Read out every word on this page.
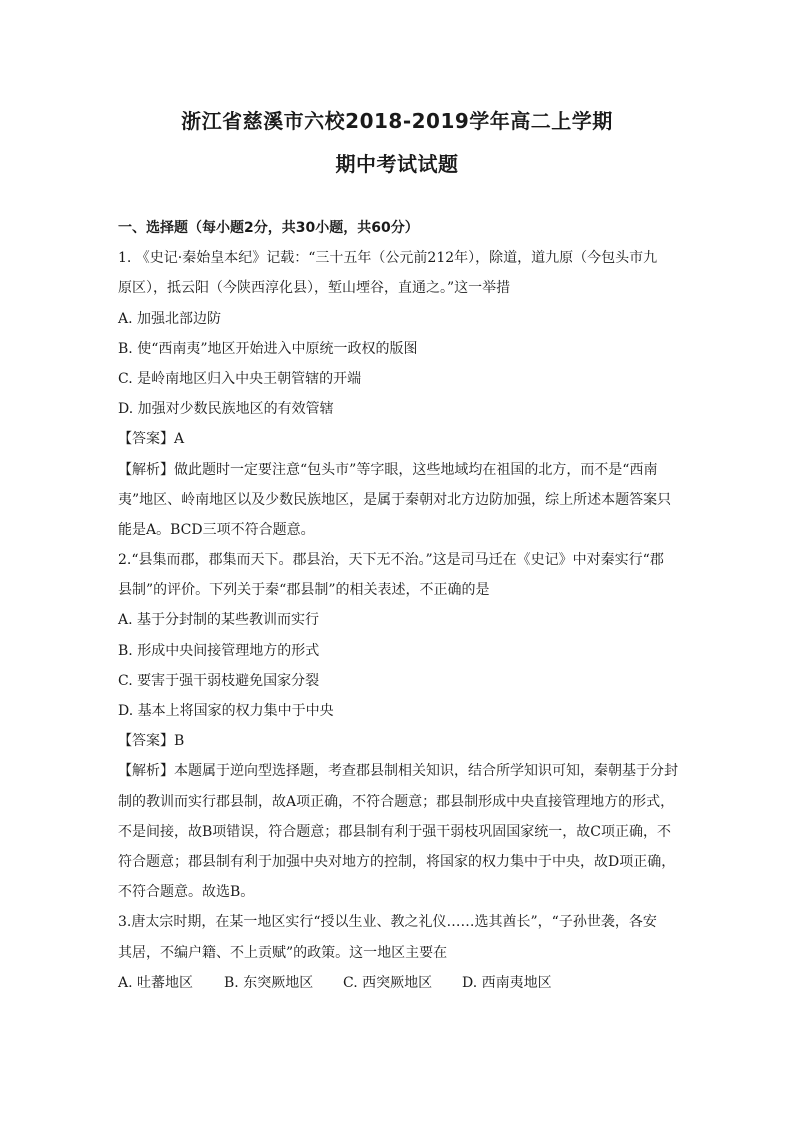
浙江省慈溪市六校2018-2019学年高二上学期
期中考试试题
一、选择题（每小题2分，共30小题，共60分）
1. 《史记·秦始皇本纪》记载：“三十五年（公元前212年），除道，道九原（今包头市九
原区），抵云阳（今陕西淳化县），堑山堙谷，直通之。”这一举措
A. 加强北部边防
B. 使“西南夷”地区开始进入中原统一政权的版图
C. 是岭南地区归入中央王朝管辖的开端
D. 加强对少数民族地区的有效管辖
【答案】A
【解析】做此题时一定要注意“包头市”等字眼，这些地域均在祖国的北方，而不是“西南
夷”地区、岭南地区以及少数民族地区，是属于秦朝对北方边防加强，综上所述本题答案只
能是A。BCD三项不符合题意。
2.“县集而郡，郡集而天下。郡县治，天下无不治。”这是司马迁在《史记》中对秦实行“郡
县制”的评价。下列关于秦“郡县制”的相关表述，不正确的是
A. 基于分封制的某些教训而实行
B. 形成中央间接管理地方的形式
C. 要害于强干弱枝避免国家分裂
D. 基本上将国家的权力集中于中央
【答案】B
【解析】本题属于逆向型选择题，考查郡县制相关知识，结合所学知识可知，秦朝基于分封
制的教训而实行郡县制，故A项正确，不符合题意；郡县制形成中央直接管理地方的形式，
不是间接，故B项错误，符合题意；郡县制有利于强干弱枝巩固国家统一，故C项正确，不
符合题意；郡县制有利于加强中央对地方的控制，将国家的权力集中于中央，故D项正确，
不符合题意。故选B。
3.唐太宗时期，在某一地区实行“授以生业、教之礼仪……选其酋长”，“子孙世袭，各安
其居，不编户籍、不上贡赋”的政策。这一地区主要在
A. 吐蕃地区 B. 东突厥地区 C. 西突厥地区 D. 西南夷地区
